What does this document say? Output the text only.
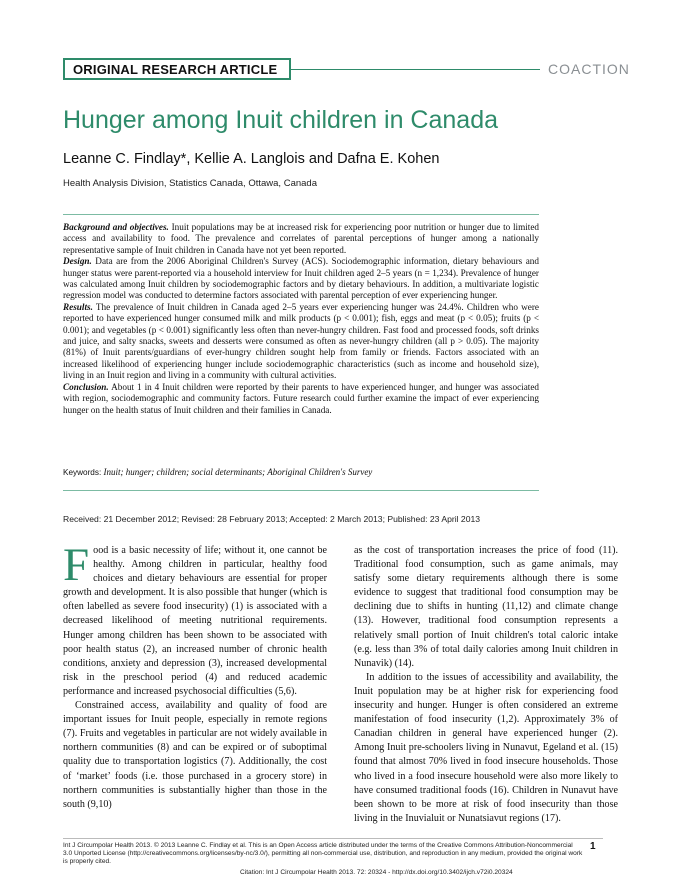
ORIGINAL RESEARCH ARTICLE	COACTION
Hunger among Inuit children in Canada
Leanne C. Findlay*, Kellie A. Langlois and Dafna E. Kohen
Health Analysis Division, Statistics Canada, Ottawa, Canada

Background and objectives. Inuit populations may be at increased risk for experiencing poor nutrition or hunger due to limited access and availability to food. The prevalence and correlates of parental perceptions of hunger among a nationally representative sample of Inuit children in Canada have not yet been reported.

Design. Data are from the 2006 Aboriginal Children's Survey (ACS). Sociodemographic information, dietary behaviours and hunger status were parent-reported via a household interview for Inuit children aged 2–5 years (n = 1,234). Prevalence of hunger was calculated among Inuit children by sociodemographic factors and by dietary behaviours. In addition, a multivariate logistic regression model was conducted to determine factors associated with parental perception of ever experiencing hunger.

Results. The prevalence of Inuit children in Canada aged 2–5 years ever experiencing hunger was 24.4%. Children who were reported to have experienced hunger consumed milk and milk products (p < 0.001); fish, eggs and meat (p < 0.05); fruits (p < 0.001); and vegetables (p < 0.001) significantly less often than never-hungry children. Fast food and processed foods, soft drinks and juice, and salty snacks, sweets and desserts were consumed as often as never-hungry children (all p > 0.05). The majority (81%) of Inuit parents/guardians of ever-hungry children sought help from family or friends. Factors associated with an increased likelihood of experiencing hunger include sociodemographic characteristics (such as income and household size), living in an Inuit region and living in a community with cultural activities.

Conclusion. About 1 in 4 Inuit children were reported by their parents to have experienced hunger, and hunger was associated with region, sociodemographic and community factors. Future research could further examine the impact of ever experiencing hunger on the health status of Inuit children and their families in Canada.

Keywords: Inuit; hunger; children; social determinants; Aboriginal Children's Survey
Received: 21 December 2012; Revised: 28 February 2013; Accepted: 2 March 2013; Published: 23 April 2013

Food is a basic necessity of life; without it, one cannot be healthy. Among children in particular, healthy food choices and dietary behaviours are essential for proper growth and development. It is also possible that hunger (which is often labelled as severe food insecurity) (1) is associated with a decreased likelihood of meeting nutritional requirements. Hunger among children has been shown to be associated with poor health status (2), an increased number of chronic health conditions, anxiety and depression (3), increased developmental risk in the preschool period (4) and reduced academic performance and increased psychosocial difficulties (5,6).

Constrained access, availability and quality of food are important issues for Inuit people, especially in remote regions (7). Fruits and vegetables in particular are not widely available in northern communities (8) and can be expired or of suboptimal quality due to transportation logistics (7). Additionally, the cost of ‘market’ foods (i.e. those purchased in a grocery store) in northern communities is substantially higher than those in the south (9,10)

as the cost of transportation increases the price of food (11). Traditional food consumption, such as game animals, may satisfy some dietary requirements although there is some evidence to suggest that traditional food consumption may be declining due to shifts in hunting (11,12) and climate change (13). However, traditional food consumption represents a relatively small portion of Inuit children's total caloric intake (e.g. less than 3% of total daily calories among Inuit children in Nunavik) (14).

In addition to the issues of accessibility and availability, the Inuit population may be at higher risk for experiencing food insecurity and hunger. Hunger is often considered an extreme manifestation of food insecurity (1,2). Approximately 3% of Canadian children in general have experienced hunger (2). Among Inuit pre-schoolers living in Nunavut, Egeland et al. (15) found that almost 70% lived in food insecure households. Those who lived in a food insecure household were also more likely to have consumed traditional foods (16). Children in Nunavut have been shown to be more at risk of food insecurity than those living in the Inuvialuit or Nunatsiavut regions (17).

Int J Circumpolar Health 2013. © 2013 Leanne C. Findlay et al. This is an Open Access article distributed under the terms of the Creative Commons Attribution-Noncommercial 3.0 Unported License (http://creativecommons.org/licenses/by-nc/3.0/), permitting all non-commercial use, distribution, and reproduction in any medium, provided the original work is properly cited.
1
Citation: Int J Circumpolar Health 2013. 72: 20324 - http://dx.doi.org/10.3402/ijch.v72i0.20324
